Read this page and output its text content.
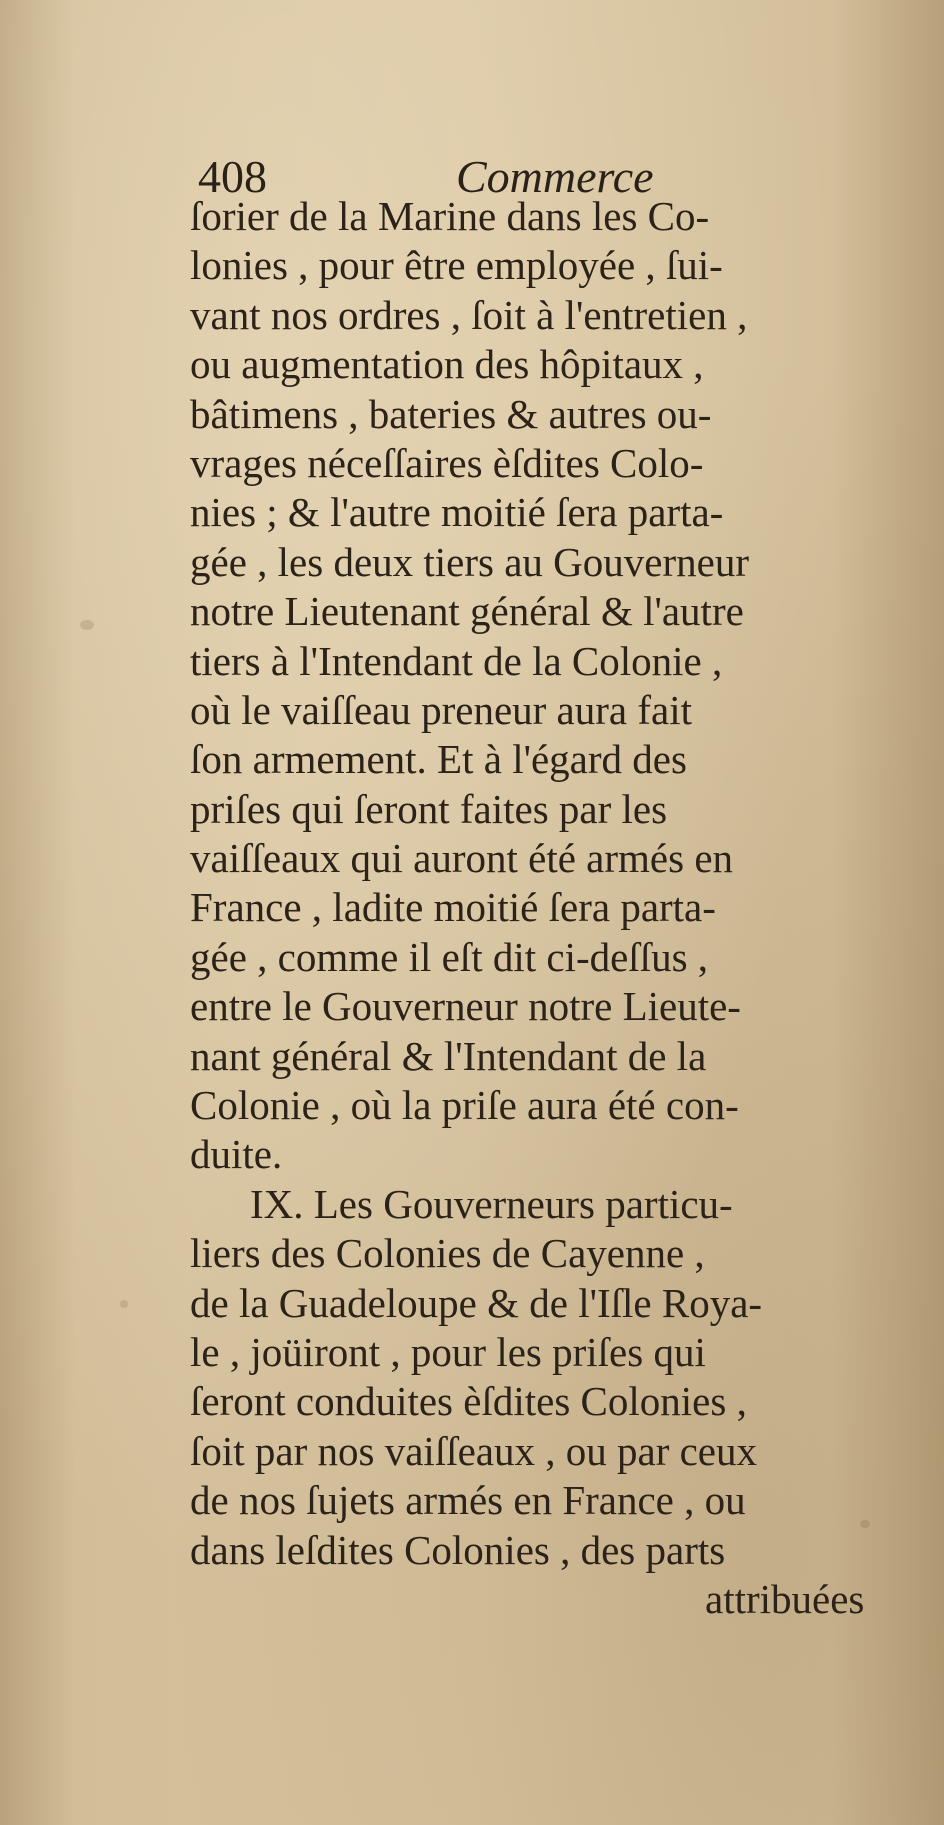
408	Commerce
ſorier de la Marine dans les Co-
lonies , pour être employée , ſui-
vant nos ordres , ſoit à l'entretien ,
ou augmentation des hôpitaux ,
bâtimens , bateries & autres ou-
vrages néceſſaires èſdites Colo-
nies ; & l'autre moitié ſera parta-
gée , les deux tiers au Gouverneur
notre Lieutenant général & l'autre
tiers à l'Intendant de la Colonie ,
où le vaiſſeau preneur aura fait
ſon armement. Et à l'égard des
priſes qui ſeront faites par les
vaiſſeaux qui auront été armés en
France , ladite moitié ſera parta-
gée , comme il eſt dit ci-deſſus ,
entre le Gouverneur notre Lieute-
nant général & l'Intendant de la
Colonie , où la priſe aura été con-
duite.
IX. Les Gouverneurs particu-
liers des Colonies de Cayenne ,
de la Guadeloupe & de l'Iſle Roya-
le , joüiront , pour les priſes qui
ſeront conduites èſdites Colonies ,
ſoit par nos vaiſſeaux , ou par ceux
de nos ſujets armés en France , ou
dans leſdites Colonies , des parts
attribuées
